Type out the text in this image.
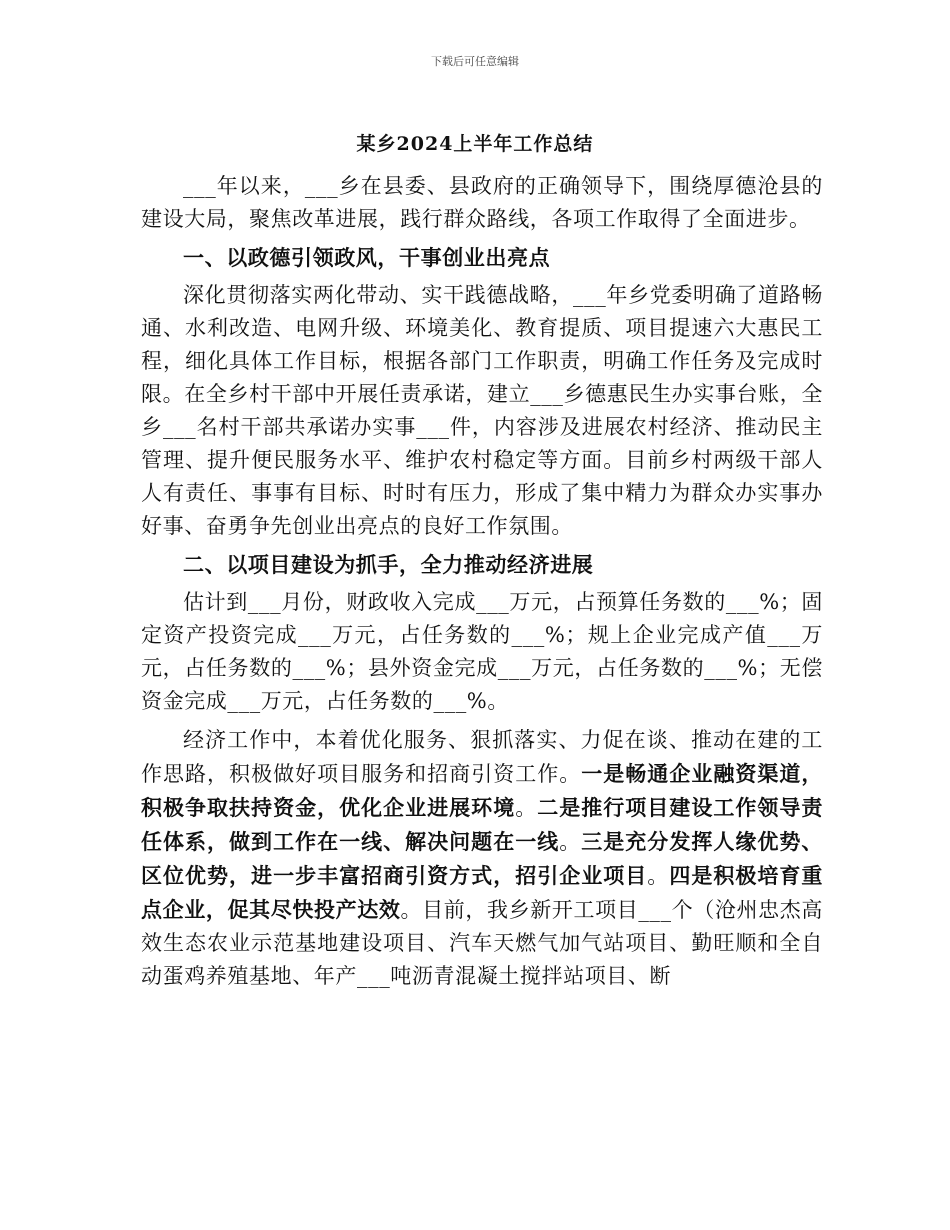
下载后可任意编辑
某乡2024上半年工作总结

___年以来，___乡在县委、县政府的正确领导下，围绕厚德沧县的建设大局，聚焦改革进展，践行群众路线，各项工作取得了全面进步。

一、以政德引领政风，干事创业出亮点

深化贯彻落实两化带动、实干践德战略，___年乡党委明确了道路畅通、水利改造、电网升级、环境美化、教育提质、项目提速六大惠民工程，细化具体工作目标，根据各部门工作职责，明确工作任务及完成时限。在全乡村干部中开展任责承诺，建立___乡德惠民生办实事台账，全乡___名村干部共承诺办实事___件，内容涉及进展农村经济、推动民主管理、提升便民服务水平、维护农村稳定等方面。目前乡村两级干部人人有责任、事事有目标、时时有压力，形成了集中精力为群众办实事办好事、奋勇争先创业出亮点的良好工作氛围。

二、以项目建设为抓手，全力推动经济进展

估计到___月份，财政收入完成___万元，占预算任务数的___%；固定资产投资完成___万元，占任务数的___%；规上企业完成产值___万元，占任务数的___%；县外资金完成___万元，占任务数的___%；无偿资金完成___万元，占任务数的___%。

经济工作中，本着优化服务、狠抓落实、力促在谈、推动在建的工作思路，积极做好项目服务和招商引资工作。一是畅通企业融资渠道，积极争取扶持资金，优化企业进展环境。二是推行项目建设工作领导责任体系，做到工作在一线、解决问题在一线。三是充分发挥人缘优势、区位优势，进一步丰富招商引资方式，招引企业项目。四是积极培育重点企业，促其尽快投产达效。目前，我乡新开工项目___个（沧州忠杰高效生态农业示范基地建设项目、汽车天燃气加气站项目、勤旺顺和全自动蛋鸡养殖基地、年产___吨沥青混凝土搅拌站项目、断
